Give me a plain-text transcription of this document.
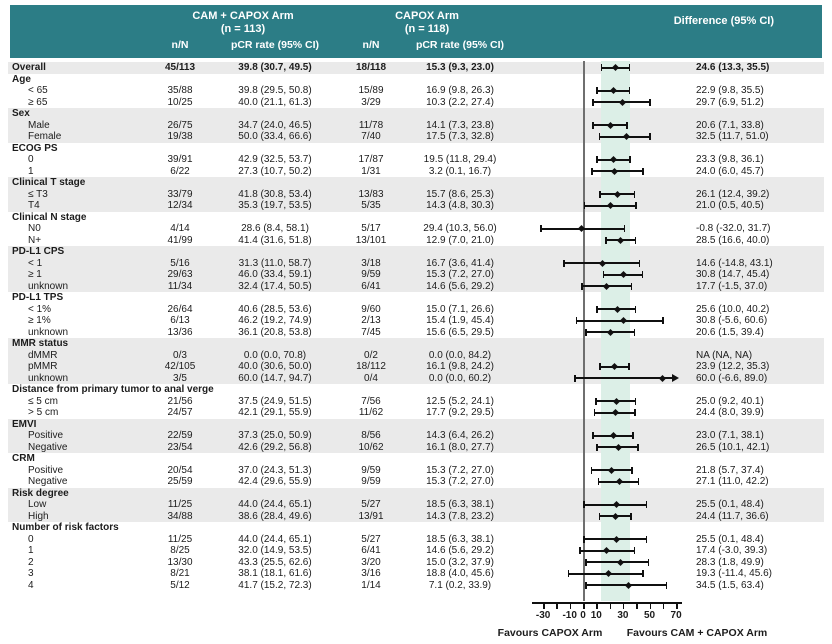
CAM + CAPOX Arm
(n = 113)
CAPOX Arm
(n = 118)
Difference (95% CI)
n/N	pCR rate (95% CI)	n/N	pCR rate (95% CI)
Overall	45/113	39.8 (30.7, 49.5)	18/118	15.3 (9.3, 23.0)	24.6 (13.3, 35.5)
Age
< 65	35/88	39.8 (29.5, 50.8)	15/89	16.9 (9.8, 26.3)	22.9 (9.8, 35.5)
≥ 65	10/25	40.0 (21.1, 61.3)	3/29	10.3 (2.2, 27.4)	29.7 (6.9, 51.2)
Sex
Male	26/75	34.7 (24.0, 46.5)	11/78	14.1 (7.3, 23.8)	20.6 (7.1, 33.8)
Female	19/38	50.0 (33.4, 66.6)	7/40	17.5 (7.3, 32.8)	32.5 (11.7, 51.0)
ECOG PS
0	39/91	42.9 (32.5, 53.7)	17/87	19.5 (11.8, 29.4)	23.3 (9.8, 36.1)
1	6/22	27.3 (10.7, 50.2)	1/31	3.2 (0.1, 16.7)	24.0 (6.0, 45.7)
Clinical T stage
≤ T3	33/79	41.8 (30.8, 53.4)	13/83	15.7 (8.6, 25.3)	26.1 (12.4, 39.2)
T4	12/34	35.3 (19.7, 53.5)	5/35	14.3 (4.8, 30.3)	21.0 (0.5, 40.5)
Clinical N stage
N0	4/14	28.6 (8.4, 58.1)	5/17	29.4 (10.3, 56.0)	-0.8 (-32.0, 31.7)
N+	41/99	41.4 (31.6, 51.8)	13/101	12.9 (7.0, 21.0)	28.5 (16.6, 40.0)
PD-L1 CPS
< 1	5/16	31.3 (11.0, 58.7)	3/18	16.7 (3.6, 41.4)	14.6 (-14.8, 43.1)
≥ 1	29/63	46.0 (33.4, 59.1)	9/59	15.3 (7.2, 27.0)	30.8 (14.7, 45.4)
unknown	11/34	32.4 (17.4, 50.5)	6/41	14.6 (5.6, 29.2)	17.7 (-1.5, 37.0)
PD-L1 TPS
< 1%	26/64	40.6 (28.5, 53.6)	9/60	15.0 (7.1, 26.6)	25.6 (10.0, 40.2)
≥ 1%	6/13	46.2 (19.2, 74.9)	2/13	15.4 (1.9, 45.4)	30.8 (-5.6, 60.6)
unknown	13/36	36.1 (20.8, 53.8)	7/45	15.6 (6.5, 29.5)	20.6 (1.5, 39.4)
MMR status
dMMR	0/3	0.0 (0.0, 70.8)	0/2	0.0 (0.0, 84.2)	NA (NA, NA)
pMMR	42/105	40.0 (30.6, 50.0)	18/112	16.1 (9.8, 24.2)	23.9 (12.2, 35.3)
unknown	3/5	60.0 (14.7, 94.7)	0/4	0.0 (0.0, 60.2)	60.0 (-6.6, 89.0)
Distance from primary tumor to anal verge
≤ 5 cm	21/56	37.5 (24.9, 51.5)	7/56	12.5 (5.2, 24.1)	25.0 (9.2, 40.1)
> 5 cm	24/57	42.1 (29.1, 55.9)	11/62	17.7 (9.2, 29.5)	24.4 (8.0, 39.9)
EMVI
Positive	22/59	37.3 (25.0, 50.9)	8/56	14.3 (6.4, 26.2)	23.0 (7.1, 38.1)
Negative	23/54	42.6 (29.2, 56.8)	10/62	16.1 (8.0, 27.7)	26.5 (10.1, 42.1)
CRM
Positive	20/54	37.0 (24.3, 51.3)	9/59	15.3 (7.2, 27.0)	21.8 (5.7, 37.4)
Negative	25/59	42.4 (29.6, 55.9)	9/59	15.3 (7.2, 27.0)	27.1 (11.0, 42.2)
Risk degree
Low	11/25	44.0 (24.4, 65.1)	5/27	18.5 (6.3, 38.1)	25.5 (0.1, 48.4)
High	34/88	38.6 (28.4, 49.6)	13/91	14.3 (7.8, 23.2)	24.4 (11.7, 36.6)
Number of risk factors
0	11/25	44.0 (24.4, 65.1)	5/27	18.5 (6.3, 38.1)	25.5 (0.1, 48.4)
1	8/25	32.0 (14.9, 53.5)	6/41	14.6 (5.6, 29.2)	17.4 (-3.0, 39.3)
2	13/30	43.3 (25.5, 62.6)	3/20	15.0 (3.2, 37.9)	28.3 (1.8, 49.9)
3	8/21	38.1 (18.1, 61.6)	3/16	18.8 (4.0, 45.6)	19.3 (-11.4, 45.6)
4	5/12	41.7 (15.2, 72.3)	1/14	7.1 (0.2, 33.9)	34.5 (1.5, 63.4)
Favours CAPOX Arm Favours CAM + CAPOX Arm
-30 -10 0 10 30 50 70
